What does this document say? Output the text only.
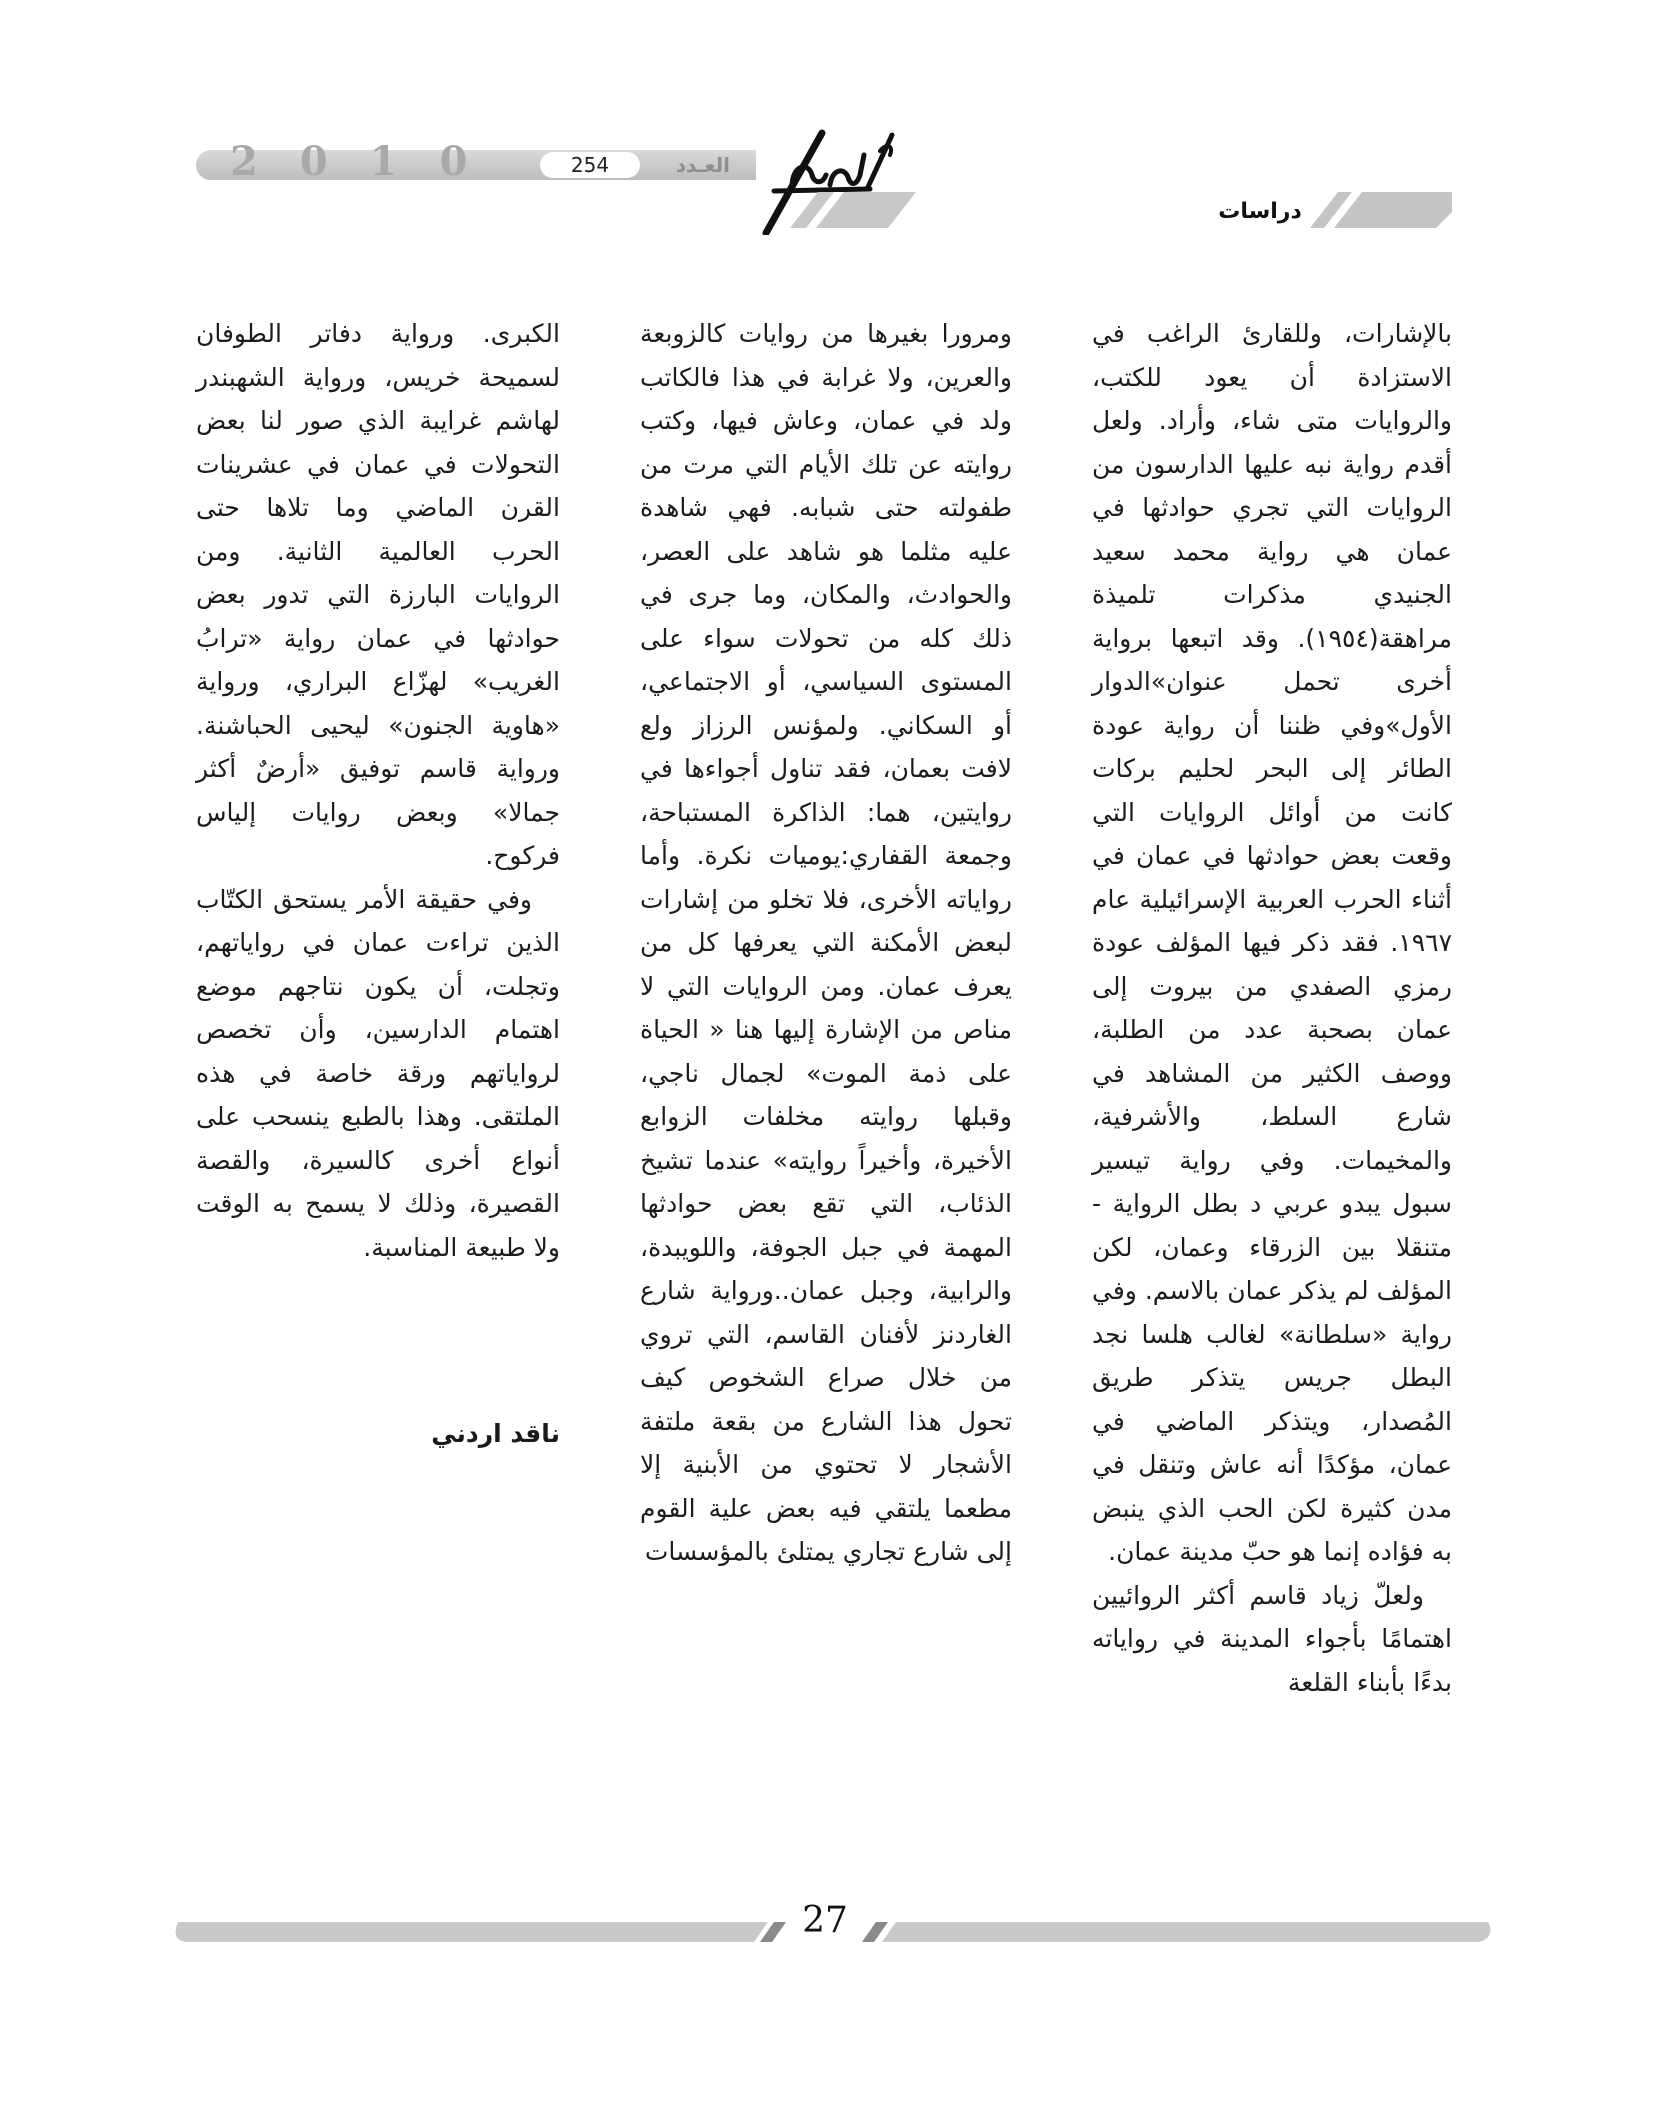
2010	العـدد
254
دراسات

بالإشارات، وللقارئ الراغب في الاستزادة أن يعود للكتب، والروايات متى شاء، وأراد. ولعل أقدم رواية نبه عليها الدارسون من الروايات التي تجري حوادثها في عمان هي رواية محمد سعيد الجنيدي مذكرات تلميذة مراهقة(١٩٥٤). وقد اتبعها برواية أخرى تحمل عنوان»الدوار الأول»وفي ظننا أن رواية عودة الطائر إلى البحر لحليم بركات كانت من أوائل الروايات التي وقعت بعض حوادثها في عمان في أثناء الحرب العربية الإسرائيلية عام ١٩٦٧. فقد ذكر فيها المؤلف عودة رمزي الصفدي من بيروت إلى عمان بصحبة عدد من الطلبة، ووصف الكثير من المشاهد في شارع السلط، والأشرفية، والمخيمات. وفي رواية تيسير سبول يبدو عربي د بطل الرواية - متنقلا بين الزرقاء وعمان، لكن المؤلف لم يذكر عمان بالاسم. وفي رواية «سلطانة» لغالب هلسا نجد البطل جريس يتذكر طريق المُصدار، ويتذكر الماضي في عمان، مؤكدًا أنه عاش وتنقل في مدن كثيرة لكن الحب الذي ينبض به فؤاده إنما هو حبّ مدينة عمان.

ولعلّ زياد قاسم أكثر الروائيين اهتمامًا بأجواء المدينة في رواياته بدءًا بأبناء القلعة

ومرورا بغيرها من روايات كالزوبعة والعرين، ولا غرابة في هذا فالكاتب ولد في عمان، وعاش فيها، وكتب روايته عن تلك الأيام التي مرت من طفولته حتى شبابه. فهي شاهدة عليه مثلما هو شاهد على العصر، والحوادث، والمكان، وما جرى في ذلك كله من تحولات سواء على المستوى السياسي، أو الاجتماعي، أو السكاني. ولمؤنس الرزاز ولع لافت بعمان، فقد تناول أجواءها في روايتين، هما: الذاكرة المستباحة، وجمعة القفاري:يوميات نكرة. وأما رواياته الأخرى، فلا تخلو من إشارات لبعض الأمكنة التي يعرفها كل من يعرف عمان. ومن الروايات التي لا مناص من الإشارة إليها هنا « الحياة على ذمة الموت» لجمال ناجي، وقبلها روايته مخلفات الزوابع الأخيرة، وأخيراً روايته» عندما تشيخ الذئاب، التي تقع بعض حوادثها المهمة في جبل الجوفة، واللويبدة، والرابية، وجبل عمان..ورواية شارع الغاردنز لأفنان القاسم، التي تروي من خلال صراع الشخوص كيف تحول هذا الشارع من بقعة ملتفة الأشجار لا تحتوي من الأبنية إلا مطعما يلتقي فيه بعض علية القوم إلى شارع تجاري يمتلئ بالمؤسسات

الكبرى. ورواية دفاتر الطوفان لسميحة خريس، ورواية الشهبندر لهاشم غرايبة الذي صور لنا بعض التحولات في عمان في عشرينات القرن الماضي وما تلاها حتى الحرب العالمية الثانية. ومن الروايات البارزة التي تدور بعض حوادثها في عمان رواية «ترابُ الغريب» لهزّاع البراري، ورواية «هاوية الجنون» ليحيى الحباشنة. ورواية قاسم توفيق «أرضٌ أكثر جمالا» وبعض روايات إلياس فركوح.

وفي حقيقة الأمر يستحق الكتّاب الذين تراءت عمان في رواياتهم، وتجلت، أن يكون نتاجهم موضع اهتمام الدارسين، وأن تخصص لرواياتهم ورقة خاصة في هذه الملتقى. وهذا بالطبع ينسحب على أنواع أخرى كالسيرة، والقصة القصيرة، وذلك لا يسمح به الوقت ولا طبيعة المناسبة.

ناقد اردني
27
